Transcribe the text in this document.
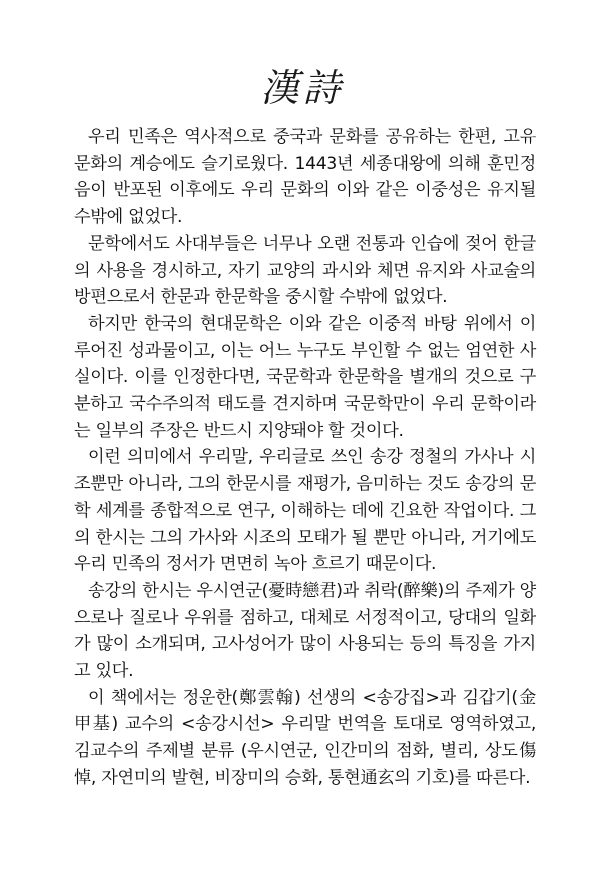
漢詩

우리 민족은 역사적으로 중국과 문화를 공유하는 한편, 고유문화의 계승에도 슬기로웠다. 1443년 세종대왕에 의해 훈민정음이 반포된 이후에도 우리 문화의 이와 같은 이중성은 유지될 수밖에 없었다.

문학에서도 사대부들은 너무나 오랜 전통과 인습에 젖어 한글의 사용을 경시하고, 자기 교양의 과시와 체면 유지와 사교술의 방편으로서 한문과 한문학을 중시할 수밖에 없었다.

하지만 한국의 현대문학은 이와 같은 이중적 바탕 위에서 이루어진 성과물이고, 이는 어느 누구도 부인할 수 없는 엄연한 사실이다. 이를 인정한다면, 국문학과 한문학을 별개의 것으로 구분하고 국수주의적 태도를 견지하며 국문학만이 우리 문학이라는 일부의 주장은 반드시 지양돼야 할 것이다.

이런 의미에서 우리말, 우리글로 쓰인 송강 정철의 가사나 시조뿐만 아니라, 그의 한문시를 재평가, 음미하는 것도 송강의 문학 세계를 종합적으로 연구, 이해하는 데에 긴요한 작업이다. 그의 한시는 그의 가사와 시조의 모태가 될 뿐만 아니라, 거기에도 우리 민족의 정서가 면면히 녹아 흐르기 때문이다.

송강의 한시는 우시연군(憂時戀君)과 취락(醉樂)의 주제가 양으로나 질로나 우위를 점하고, 대체로 서정적이고, 당대의 일화가 많이 소개되며, 고사성어가 많이 사용되는 등의 특징을 가지고 있다.

이 책에서는 정운한(鄭雲翰) 선생의 <송강집>과 김갑기(金甲基) 교수의 <송강시선> 우리말 번역을 토대로 영역하였고, 김교수의 주제별 분류 (우시연군, 인간미의 점화, 별리, 상도傷悼, 자연미의 발현, 비장미의 승화, 통현通玄의 기호)를 따른다.
